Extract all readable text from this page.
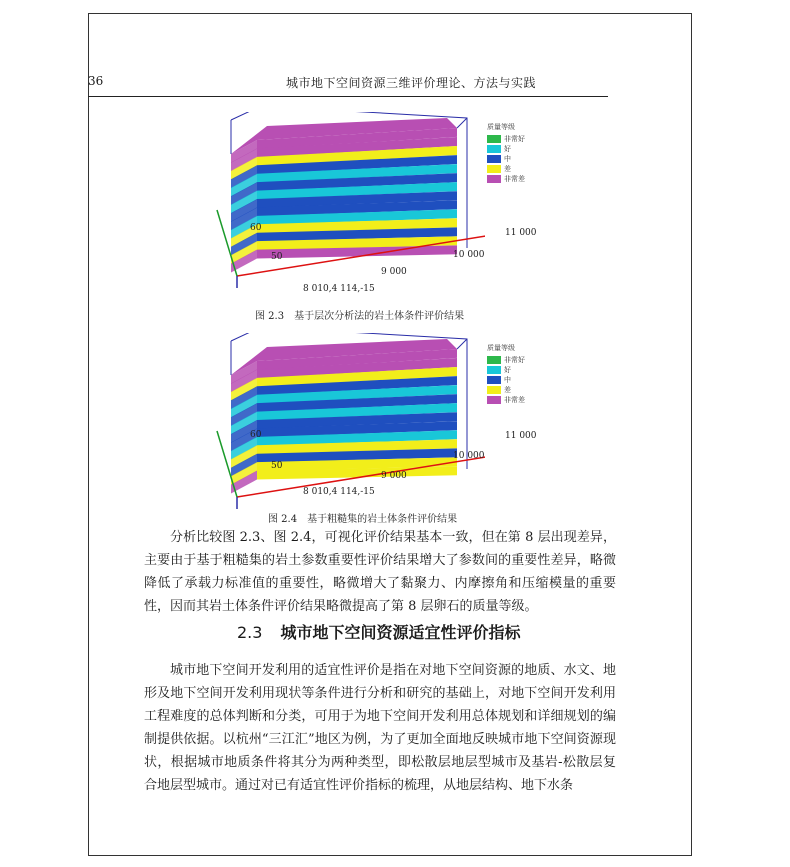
36	城市地下空间资源三维评价理论、方法与实践
质量等级
非常好
好
中
差
非常差
60
50
11 000
10 000
9 000
8 010,4 114,-15
图 2.3　基于层次分析法的岩土体条件评价结果
质量等级
非常好
好
中
差
非常差
60
50
11 000
10 000
9 000
8 010,4 114,-15
图 2.4　基于粗糙集的岩土体条件评价结果

分析比较图 2.3、图 2.4，可视化评价结果基本一致，但在第 8 层出现差异，主要由于基于粗糙集的岩土参数重要性评价结果增大了参数间的重要性差异，略微降低了承载力标准值的重要性，略微增大了黏聚力、内摩擦角和压缩模量的重要性，因而其岩土体条件评价结果略微提高了第 8 层卵石的质量等级。

2.3 城市地下空间资源适宜性评价指标

城市地下空间开发利用的适宜性评价是指在对地下空间资源的地质、水文、地形及地下空间开发利用现状等条件进行分析和研究的基础上，对地下空间开发利用工程难度的总体判断和分类，可用于为地下空间开发利用总体规划和详细规划的编制提供依据。以杭州“三江汇”地区为例，为了更加全面地反映城市地下空间资源现状，根据城市地质条件将其分为两种类型，即松散层地层型城市及基岩-松散层复合地层型城市。通过对已有适宜性评价指标的梳理，从地层结构、地下水条
